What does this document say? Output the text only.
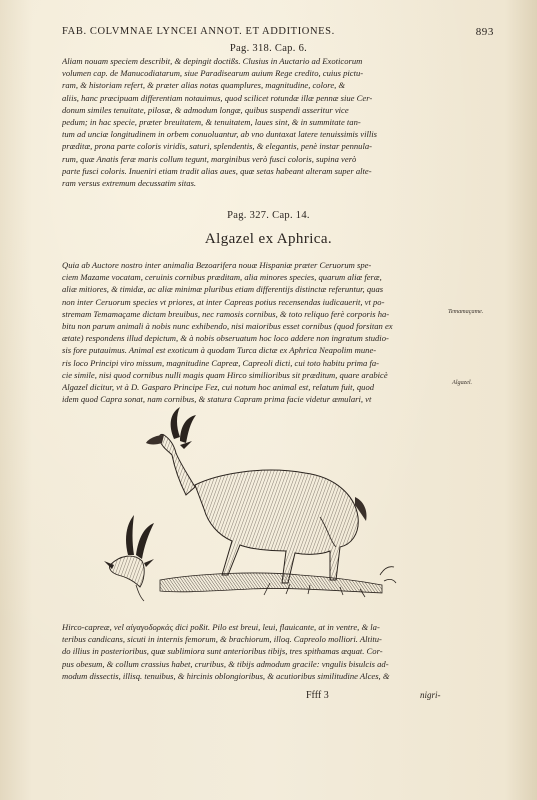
FAB. COLVMNAE LYNCEI ANNOT. ET ADDITIONES.	893
Pag. 318. Cap. 6.
Aliam nouam speciem describit, & depingit doctißs. Clusius in Auctario ad Exoticorum
volumen cap. de Manucodiatarum, siue Paradisearum auium Rege credito, cuius pictu-
ram, & historiam refert, & præter alias notas quamplures, magnitudine, colore, &
aliis, hanc præcipuam differentiam notauimus, quod scilicet rotundæ illæ pennæ siue Cer-
donum similes tenuitate, pilosæ, & admodum longæ, quibus suspendi asseritur vice
pedum; in hac specie, præter breuitatem, & tenuitatem, laues sint, & in summitate tan-
tum ad unciæ longitudinem in orbem conuoluantur, ab vno duntaxat latere tenuissimis villis
præditæ, prona parte coloris viridis, saturi, splendentis, & elegantis, penè instar pennula-
rum, quæ Anatis feræ maris collum tegunt, marginibus verò fusci coloris, supina verò
parte fusci coloris. Inueniri etiam tradit alias aues, quæ setas habeant alteram super alte-
ram versus extremum decussatim sitas.
Pag. 327. Cap. 14.
Algazel ex Aphrica.
Quia ab Auctore nostro inter animalia Bezoarifera nouæ Hispaniæ præter Ceruorum spe-
ciem Mazame vocatam, ceruinis cornibus præditam, alia minores species, quarum aliæ feræ,
aliæ mitiores, & timidæ, ac aliæ minimæ pluribus etiam differentijs distinctæ referuntur, quas
non inter Ceruorum species vt priores, at inter Capreas potius recensendas iudicauerit, vt po-
stremam Temamaçame dictam breuibus, nec ramosis cornibus, & toto reliquo ferè corporis ha-
bitu non parum animali à nobis nunc exhibendo, nisi maioribus esset cornibus (quod forsitan ex
ætate) respondens illud depictum, & à nobis obseruatum hoc loco addere non ingratum studio-
sis fore putauimus. Animal est exoticum à quodam Turca dictæ ex Aphrica Neapolim mune-
ris loco Principi viro missum, magnitudine Capreæ, Capreoli dicti, cui toto habitu prima fa-
cie simile, nisi quod cornibus nulli magis quam Hirco similioribus sit præditum, quare arabicè
Algazel dicitur, vt à D. Gasparo Principe Fez, cui notum hoc animal est, relatum fuit, quod
idem quod Capra sonat, nam cornibus, & statura Capram prima facie videtur æmulari, vt
Temamaçame.
Algazel.
Hirco-capreæ, vel αἰγαγοδορκάς dici poßit. Pilo est breui, leui, flauicante, at in ventre, & la-
teribus candicans, sicuti in internis femorum, & brachiorum, illoq. Capreolo molliori. Altitu-
do illius in posterioribus, quæ sublimiora sunt anterioribus tibijs, tres spithamas æquat. Cor-
pus obesum, & collum crassius habet, cruribus, & tibijs admodum gracile: vngulis bisulcis ad-
modum dissectis, illisq. tenuibus, & hircinis oblongioribus, & acutioribus similitudine Alces, &
Ffff 3	nigri-
